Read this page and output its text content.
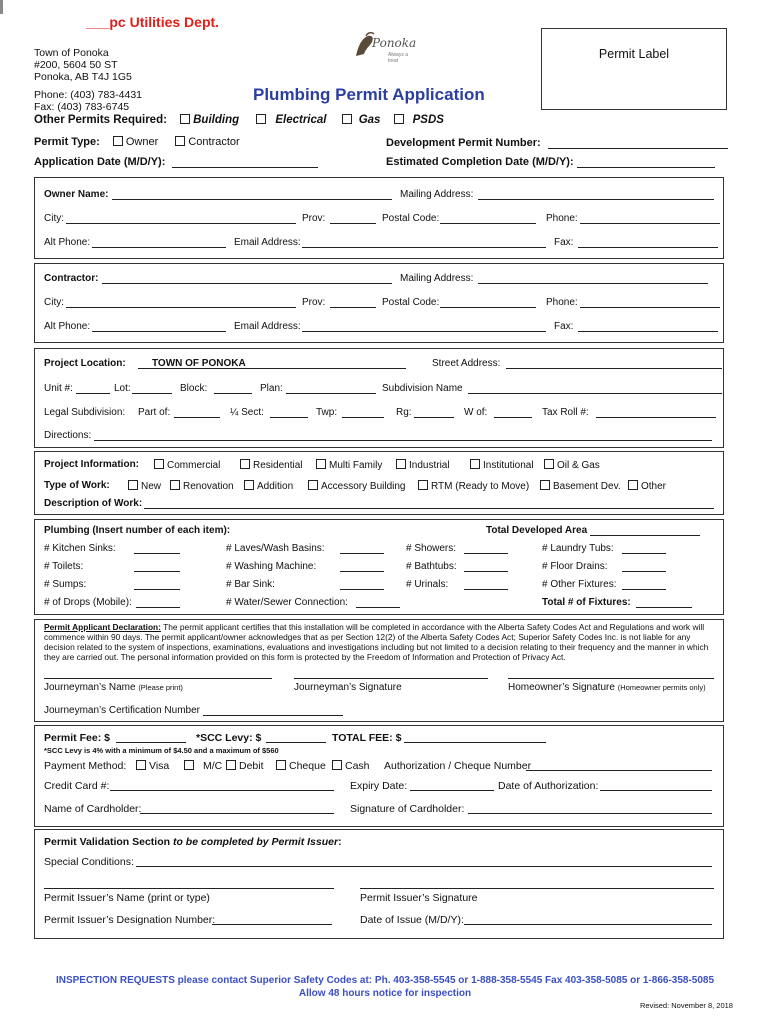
___pc Utilities Dept.
Town of Ponoka
#200, 5604 50 ST
Ponoka, AB T4J 1G5
Phone: (403) 783-4431
Fax: (403) 783-6745
Ponoka
Always a treat
Plumbing Permit Application
Permit Label
Other Permits Required: Building	Electrical	Gas	PSDS
Permit Type: Owner	Contractor	Development Permit Number:
Application Date (M/D/Y):	Estimated Completion Date (M/D/Y):
Owner Name:	Mailing Address:
City:	Prov:	Postal Code:	Phone:
Alt Phone:	Email Address:	Fax:
Contractor:	Mailing Address:
City:	Prov:	Postal Code:	Phone:
Alt Phone:	Email Address:	Fax:
Project Location:	TOWN OF PONOKA	Street Address:
Unit #:	Lot:	Block:	Plan:	Subdivision Name
Legal Subdivision: Part of:	¼ Sect:	Twp:	Rg:	W of:	Tax Roll #:
Directions:
Project Information:	Commercial	Residential	Multi Family	Industrial	Institutional	Oil & Gas
Type of Work:	New	Renovation	Addition	Accessory Building	RTM (Ready to Move)	Basement Dev.	Other
Description of Work:
Plumbing (Insert number of each item):	Total Developed Area
# Kitchen Sinks:	# Laves/Wash Basins:	# Showers:	# Laundry Tubs:
# Toilets:	# Washing Machine:	# Bathtubs:	# Floor Drains:
# Sumps:	# Bar Sink:	# Urinals:	# Other Fixtures:
# of Drops (Mobile):	# Water/Sewer Connection:	Total # of Fixtures:
Permit Applicant Declaration: The permit applicant certifies that this installation will be completed in accordance with the Alberta Safety Codes Act and Regulations and work will commence within 90 days. The permit applicant/owner acknowledges that as per Section 12(2) of the Alberta Safety Codes Act; Superior Safety Codes Inc. is not liable for any decision related to the system of inspections, examinations, evaluations and investigations including but not limited to a decision relating to their frequency and the manner in which they are carried out. The personal information provided on this form is protected by the Freedom of Information and Protection of Privacy Act.
Journeyman’s Name (Please print)	Journeyman’s Signature	Homeowner’s Signature (Homeowner permits only)
Journeyman’s Certification Number
Permit Fee: $	*SCC Levy: $	TOTAL FEE: $
*SCC Levy is 4% with a minimum of $4.50 and a maximum of $560
Payment Method:	Visa	M/C	Debit	Cheque	Cash Authorization / Cheque Number
Credit Card #:	Expiry Date:	Date of Authorization:
Name of Cardholder:	Signature of Cardholder:
Permit Validation Section to be completed by Permit Issuer:
Special Conditions:
Permit Issuer’s Name (print or type)	Permit Issuer’s Signature
Permit Issuer’s Designation Number:	Date of Issue (M/D/Y):
INSPECTION REQUESTS please contact Superior Safety Codes at: Ph. 403-358-5545 or 1-888-358-5545 Fax 403-358-5085 or 1-866-358-5085
Allow 48 hours notice for inspection
Revised: November 8, 2018
